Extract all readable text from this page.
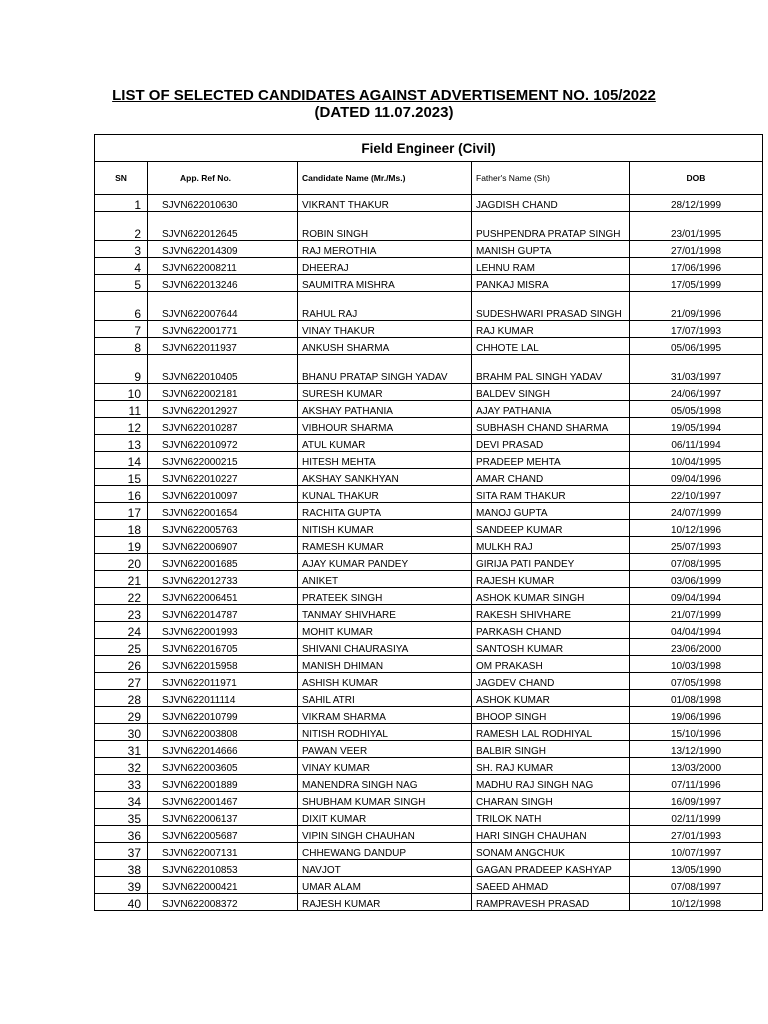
LIST OF SELECTED CANDIDATES AGAINST ADVERTISEMENT NO. 105/2022
(DATED 11.07.2023)
Field Engineer (Civil)				
SN	App. Ref No.	Candidate Name (Mr./Ms.)	Father's Name (Sh)	DOB
1	SJVN622010630	VIKRANT THAKUR	JAGDISH CHAND	28/12/1999
2	SJVN622012645	ROBIN SINGH	PUSHPENDRA PRATAP SINGH	23/01/1995
3	SJVN622014309	RAJ MEROTHIA	MANISH GUPTA	27/01/1998
4	SJVN622008211	DHEERAJ	LEHNU RAM	17/06/1996
5	SJVN622013246	SAUMITRA MISHRA	PANKAJ MISRA	17/05/1999
6	SJVN622007644	RAHUL RAJ	SUDESHWARI PRASAD SINGH	21/09/1996
7	SJVN622001771	VINAY THAKUR	RAJ KUMAR	17/07/1993
8	SJVN622011937	ANKUSH SHARMA	CHHOTE LAL	05/06/1995
9	SJVN622010405	BHANU PRATAP SINGH YADAV	BRAHM PAL SINGH YADAV	31/03/1997
10	SJVN622002181	SURESH KUMAR	BALDEV SINGH	24/06/1997
11	SJVN622012927	AKSHAY PATHANIA	AJAY PATHANIA	05/05/1998
12	SJVN622010287	VIBHOUR SHARMA	SUBHASH CHAND SHARMA	19/05/1994
13	SJVN622010972	ATUL KUMAR	DEVI PRASAD	06/11/1994
14	SJVN622000215	HITESH MEHTA	PRADEEP MEHTA	10/04/1995
15	SJVN622010227	AKSHAY SANKHYAN	AMAR CHAND	09/04/1996
16	SJVN622010097	KUNAL THAKUR	SITA RAM THAKUR	22/10/1997
17	SJVN622001654	RACHITA GUPTA	MANOJ GUPTA	24/07/1999
18	SJVN622005763	NITISH KUMAR	SANDEEP KUMAR	10/12/1996
19	SJVN622006907	RAMESH KUMAR	MULKH RAJ	25/07/1993
20	SJVN622001685	AJAY KUMAR PANDEY	GIRIJA PATI PANDEY	07/08/1995
21	SJVN622012733	ANIKET	RAJESH KUMAR	03/06/1999
22	SJVN622006451	PRATEEK SINGH	ASHOK KUMAR SINGH	09/04/1994
23	SJVN622014787	TANMAY SHIVHARE	RAKESH SHIVHARE	21/07/1999
24	SJVN622001993	MOHIT KUMAR	PARKASH CHAND	04/04/1994
25	SJVN622016705	SHIVANI CHAURASIYA	SANTOSH KUMAR	23/06/2000
26	SJVN622015958	MANISH DHIMAN	OM PRAKASH	10/03/1998
27	SJVN622011971	ASHISH KUMAR	JAGDEV CHAND	07/05/1998
28	SJVN622011114	SAHIL ATRI	ASHOK KUMAR	01/08/1998
29	SJVN622010799	VIKRAM SHARMA	BHOOP SINGH	19/06/1996
30	SJVN622003808	NITISH RODHIYAL	RAMESH LAL RODHIYAL	15/10/1996
31	SJVN622014666	PAWAN VEER	BALBIR SINGH	13/12/1990
32	SJVN622003605	VINAY KUMAR	SH. RAJ KUMAR	13/03/2000
33	SJVN622001889	MANENDRA SINGH NAG	MADHU RAJ SINGH NAG	07/11/1996
34	SJVN622001467	SHUBHAM KUMAR SINGH	CHARAN SINGH	16/09/1997
35	SJVN622006137	DIXIT KUMAR	TRILOK NATH	02/11/1999
36	SJVN622005687	VIPIN SINGH CHAUHAN	HARI SINGH CHAUHAN	27/01/1993
37	SJVN622007131	CHHEWANG DANDUP	SONAM ANGCHUK	10/07/1997
38	SJVN622010853	NAVJOT	GAGAN PRADEEP KASHYAP	13/05/1990
39	SJVN622000421	UMAR ALAM	SAEED AHMAD	07/08/1997
40	SJVN622008372	RAJESH KUMAR	RAMPRAVESH PRASAD	10/12/1998
